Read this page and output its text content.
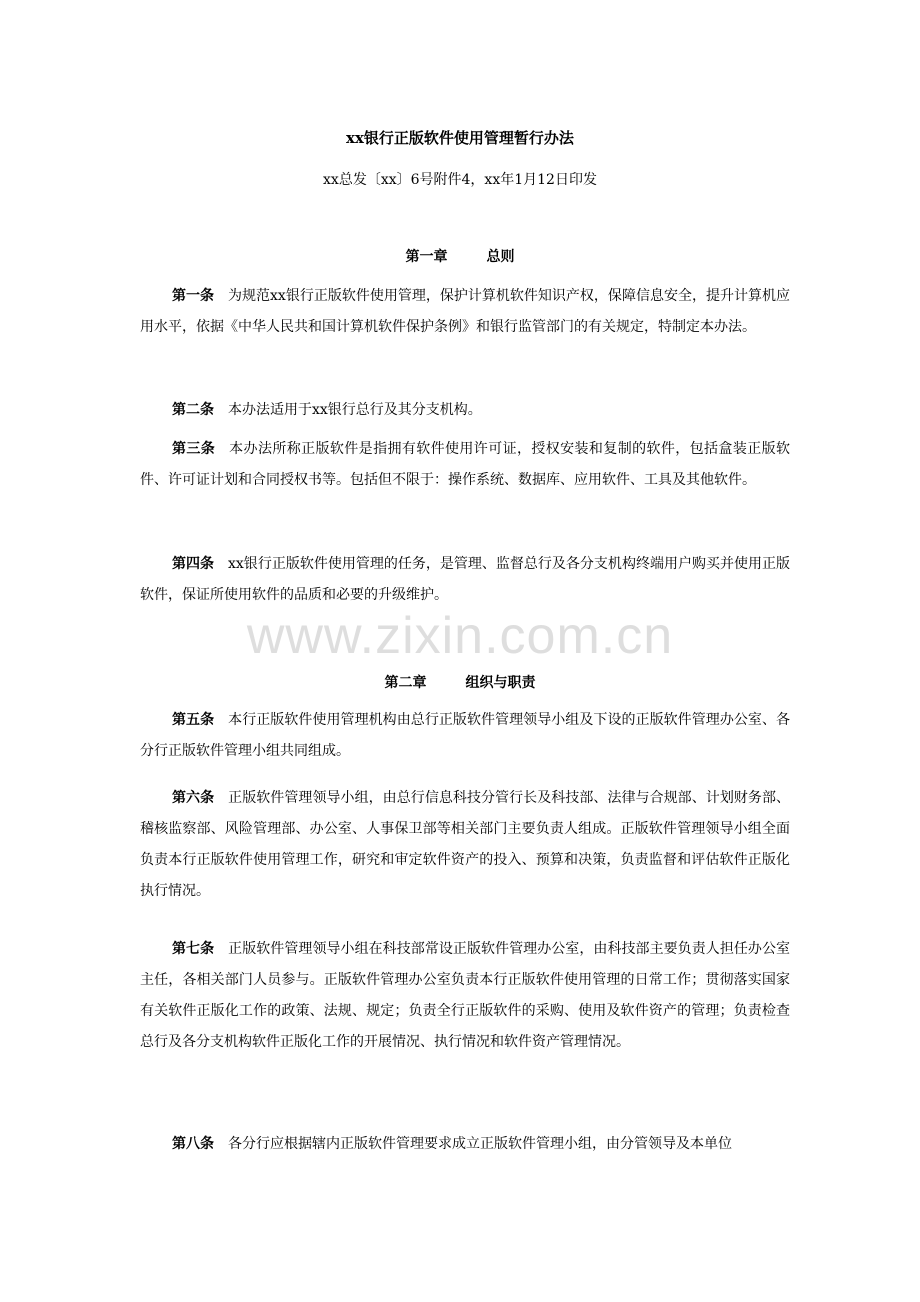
xx银行正版软件使用管理暂行办法
xx总发〔xx〕6号附件4，xx年1月12日印发
第一章        总则

第一条 为规范xx银行正版软件使用管理，保护计算机软件知识产权，保障信息安全，提升计算机应用水平，依据《中华人民共和国计算机软件保护条例》和银行监管部门的有关规定，特制定本办法。

第二条 本办法适用于xx银行总行及其分支机构。

第三条 本办法所称正版软件是指拥有软件使用许可证，授权安装和复制的软件，包括盒装正版软件、许可证计划和合同授权书等。包括但不限于：操作系统、数据库、应用软件、工具及其他软件。

第四条 xx银行正版软件使用管理的任务，是管理、监督总行及各分支机构终端用户购买并使用正版软件，保证所使用软件的品质和必要的升级维护。

www.zixin.com.cn
第二章        组织与职责

第五条 本行正版软件使用管理机构由总行正版软件管理领导小组及下设的正版软件管理办公室、各分行正版软件管理小组共同组成。

第六条 正版软件管理领导小组，由总行信息科技分管行长及科技部、法律与合规部、计划财务部、稽核监察部、风险管理部、办公室、人事保卫部等相关部门主要负责人组成。正版软件管理领导小组全面负责本行正版软件使用管理工作，研究和审定软件资产的投入、预算和决策，负责监督和评估软件正版化执行情况。

第七条 正版软件管理领导小组在科技部常设正版软件管理办公室，由科技部主要负责人担任办公室主任，各相关部门人员参与。正版软件管理办公室负责本行正版软件使用管理的日常工作；贯彻落实国家有关软件正版化工作的政策、法规、规定；负责全行正版软件的采购、使用及软件资产的管理；负责检查总行及各分支机构软件正版化工作的开展情况、执行情况和软件资产管理情况。

第八条 各分行应根据辖内正版软件管理要求成立正版软件管理小组，由分管领导及本单位
